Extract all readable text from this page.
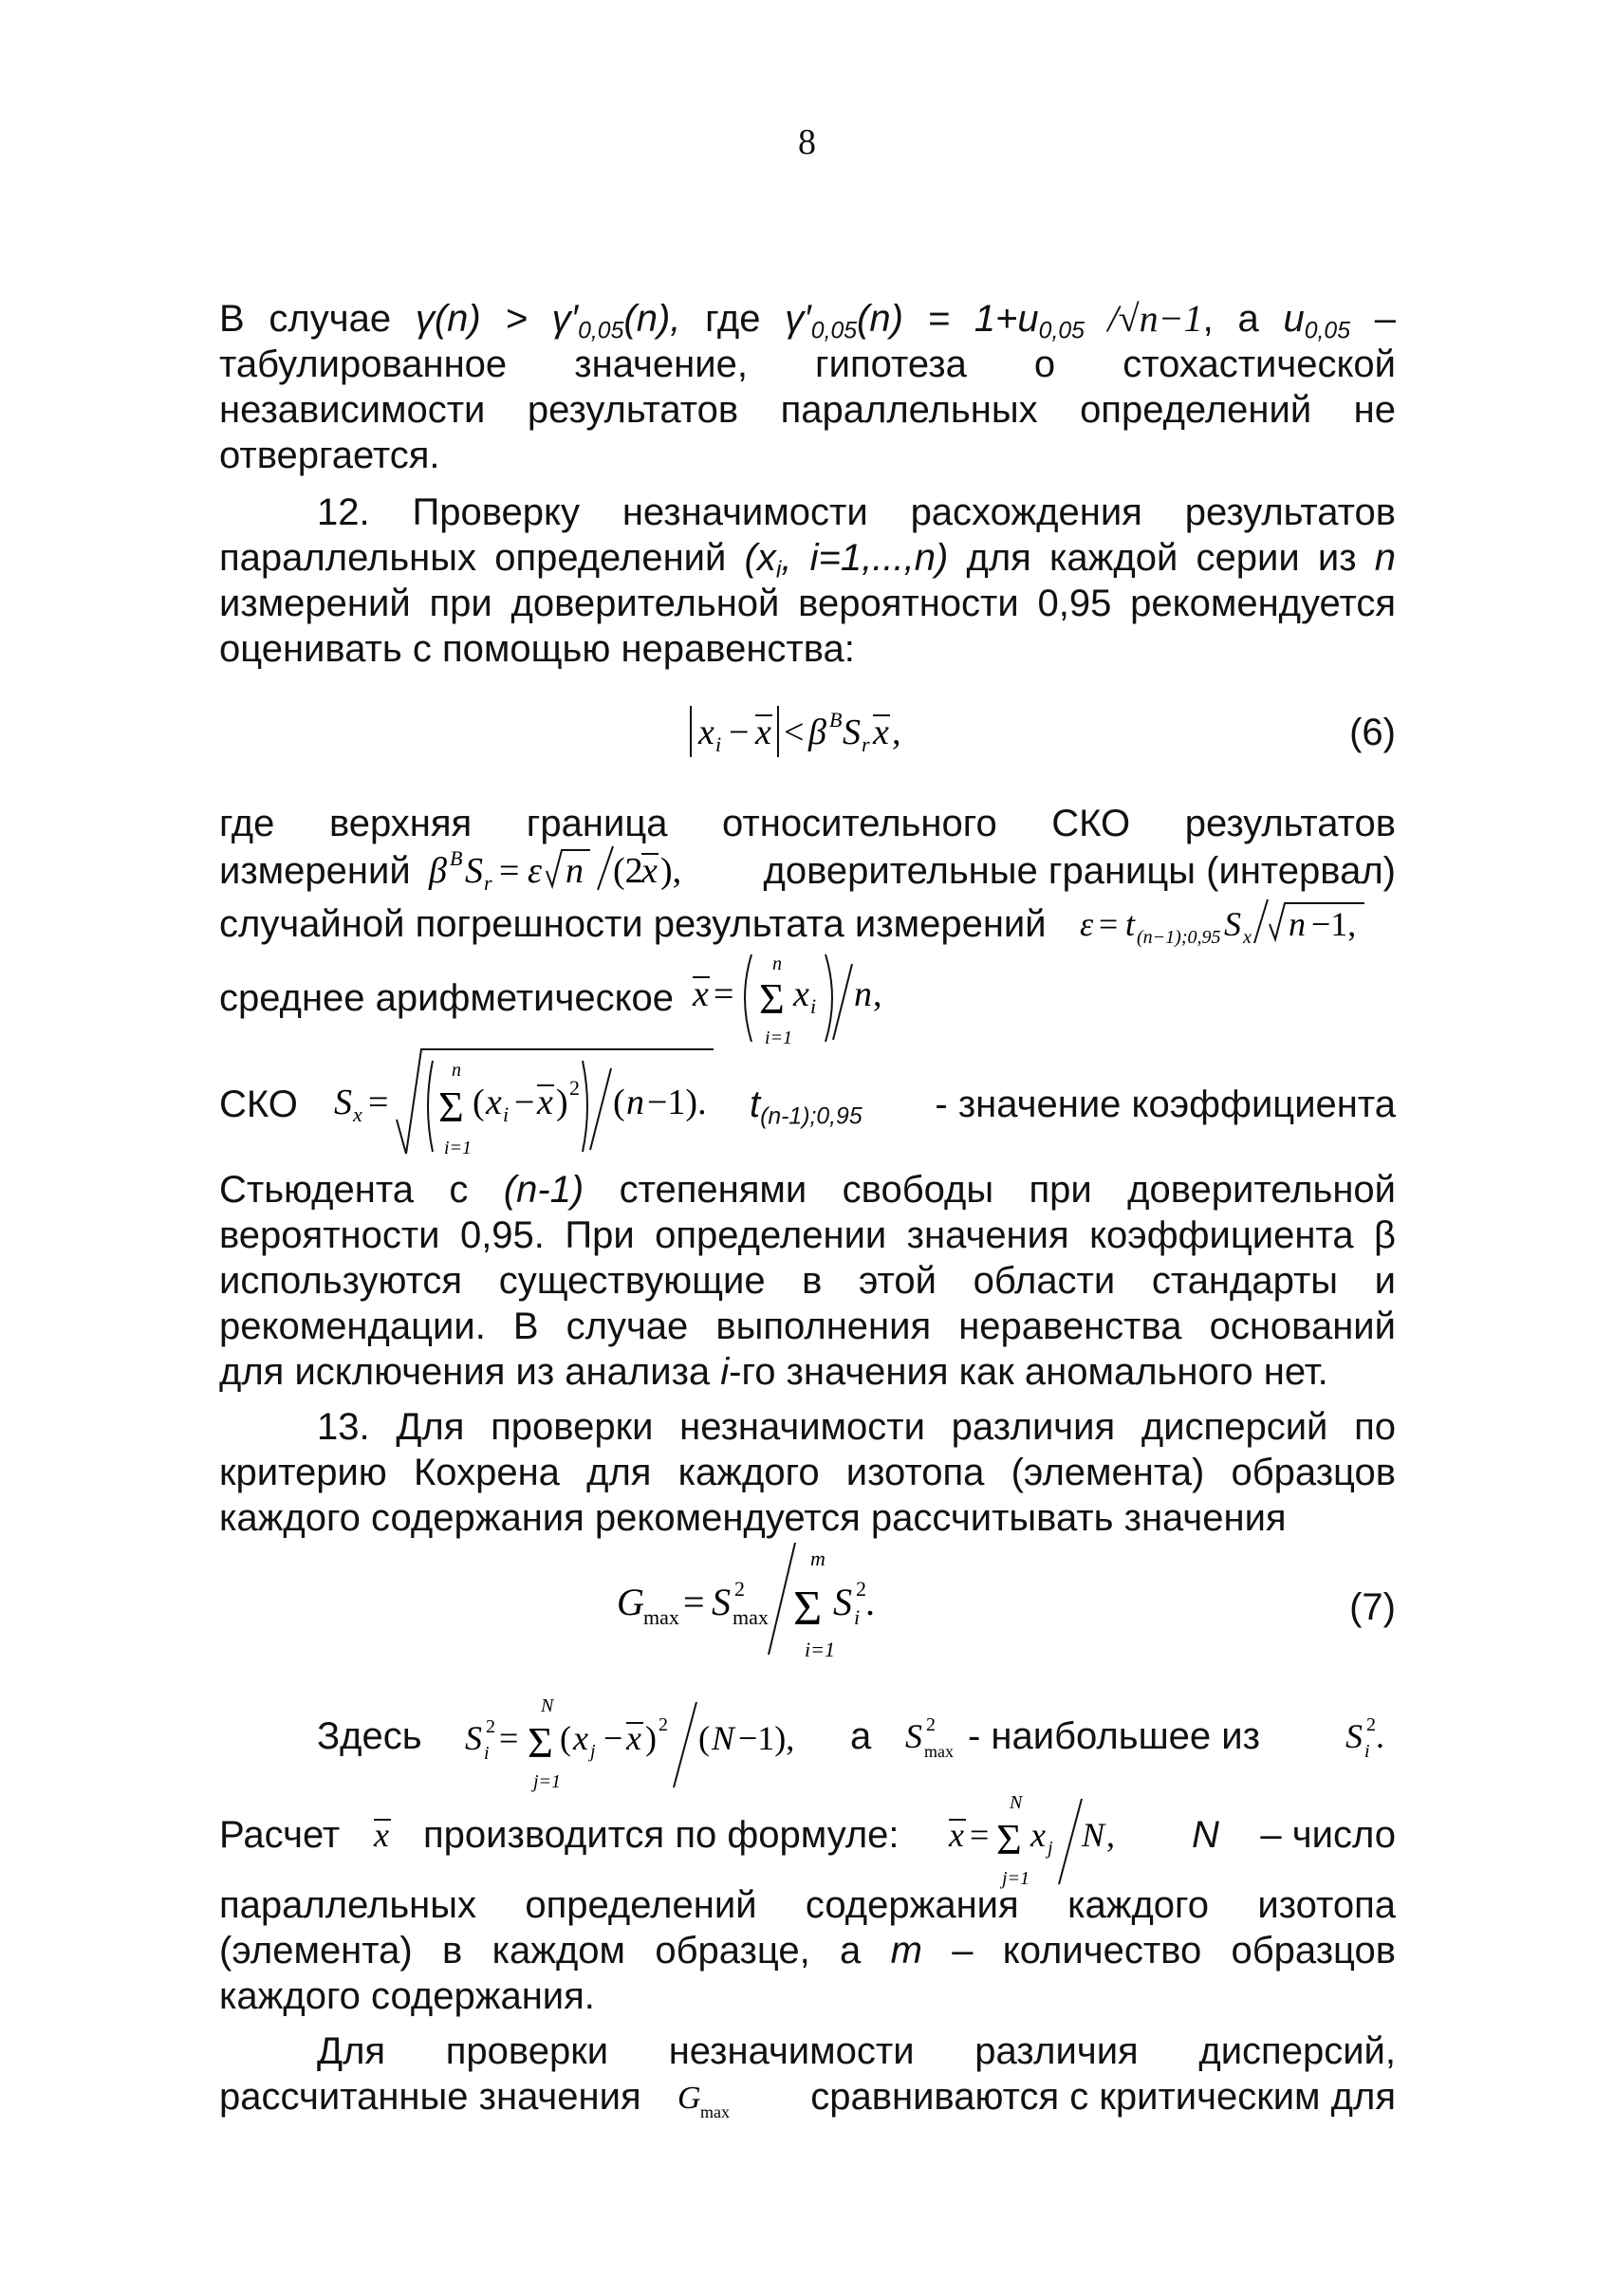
8
В случае $\gamma(n) > \gamma'_{0,05}(n)$, где $\gamma'_{0,05}(n) = 1+u_{0,05}$ /√n−1, а $u_{0,05}$ –
табулированное значение, гипотеза о стохастической
независимости результатов параллельных определений не
отвергается.
12. Проверку незначимости расхождения результатов
параллельных определений ($x_i$, i=1,...,n) для каждой серии из n
измерений при доверительной вероятности 0,95 рекомендуется
оценивать с помощью неравенства:
x i − x < β B S r x ,	(6)
где верхняя граница относительного СКО результатов
измерений β B S r = ε n (2
x ),	доверительные границы (интервал)
случайной погрешности результата измерений ε = t (n−1);0,95 S x n −1,
среднее арифметическое x =
n
Σ
i=1
x i n ,
СКО	S x =
n
Σ
i=1
( x i − x ) 2 ( n −1). $t_{(n-1);0,95}$ - значение коэффициента
Стьюдента с (n-1) степенями свободы при доверительной
вероятности 0,95. При определении значения коэффициента β
используются существующие в этой области стандарты и
рекомендации. В случае выполнения неравенства оснований
для исключения из анализа i-го значения как аномального нет.
13. Для проверки незначимости различия дисперсий по
критерию Кохрена для каждого изотопа (элемента) образцов
каждого содержания рекомендуется рассчитывать значения
G max = S 2
max
m
Σ
i=1
S 2
i .	(7)
Здесь	S 2
i =
N
Σ
j=1
( x j − x ) 2 ( N −1), а S 2
max - наибольшее из	S 2
i .
Расчет x производится по формуле:	x =
N
Σ
j=1
x j N , N – число
параллельных определений содержания каждого изотопа
(элемента) в каждом образце, а m – количество образцов
каждого содержания.
Для проверки незначимости различия дисперсий,
рассчитанные значения	G max	сравниваются с критическим для
